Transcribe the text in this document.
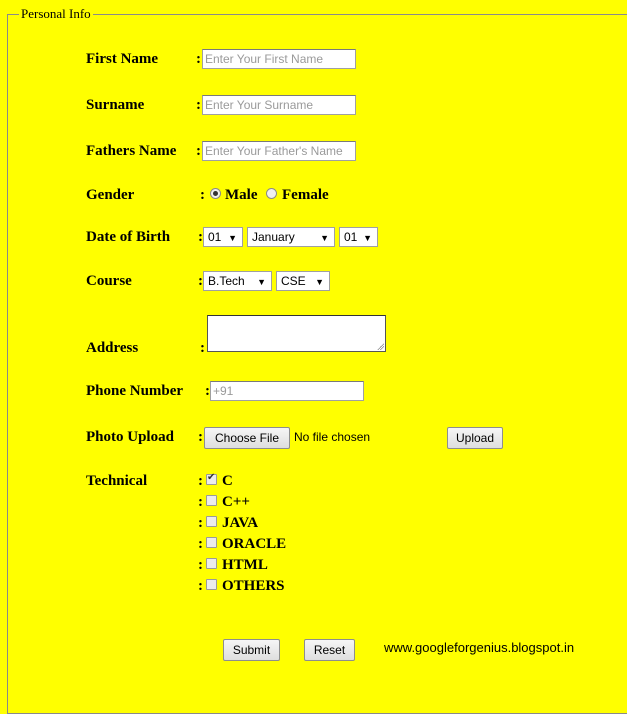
Personal Info
First Name	: Enter Your First Name
Surname	: Enter Your Surname
Fathers Name : Enter Your Father's Name
Gender	: Male Female
Date of Birth : 01 ▼	January	▼	01 ▼
Course	: B.Tech ▼	CSE ▼
Address	:
Phone Number : +91
Photo Upload : Choose File	No file chosen	Upload
Technical	:
✔ C
: C++
: JAVA
: ORACLE
: HTML
: OTHERS
Submit	Reset	www.googleforgenius.blogspot.in
